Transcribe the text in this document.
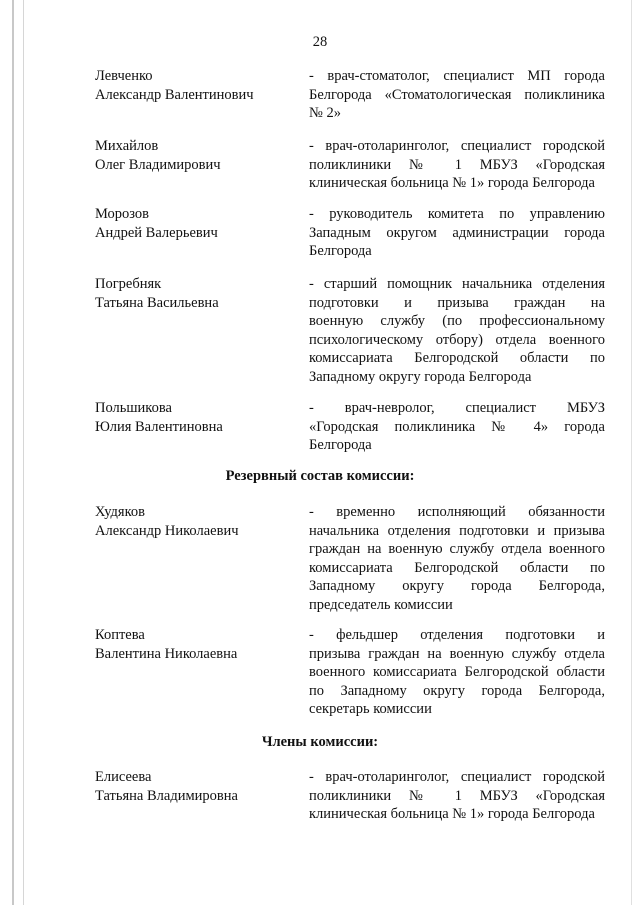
28
Левченко
Александр Валентинович
- врач-стоматолог, специалист МП города
Белгорода «Стоматологическая поликлиника
№ 2»
Михайлов
Олег Владимирович
- врач-отоларинголог, специалист городской
поликлиники № 1 МБУЗ «Городская
клиническая больница № 1» города Белгорода
Морозов
Андрей Валерьевич
- руководитель комитета по управлению
Западным округом администрации города
Белгорода
Погребняк
Татьяна Васильевна
- старший помощник начальника отделения
подготовки и призыва граждан на
военную службу (по профессиональному
психологическому отбору) отдела военного
комиссариата Белгородской области по
Западному округу города Белгорода
Польшикова
Юлия Валентиновна
- врач-невролог, специалист МБУЗ
«Городская поликлиника № 4» города
Белгорода
Резервный состав комиссии:
Худяков
Александр Николаевич
- временно исполняющий обязанности
начальника отделения подготовки и призыва
граждан на военную службу отдела военного
комиссариата Белгородской области по
Западному округу города Белгорода,
председатель комиссии
Коптева
Валентина Николаевна
- фельдшер отделения подготовки и
призыва граждан на военную службу отдела
военного комиссариата Белгородской области
по Западному округу города Белгорода,
секретарь комиссии
Члены комиссии:
Елисеева
Татьяна Владимировна
- врач-отоларинголог, специалист городской
поликлиники № 1 МБУЗ «Городская
клиническая больница № 1» города Белгорода
